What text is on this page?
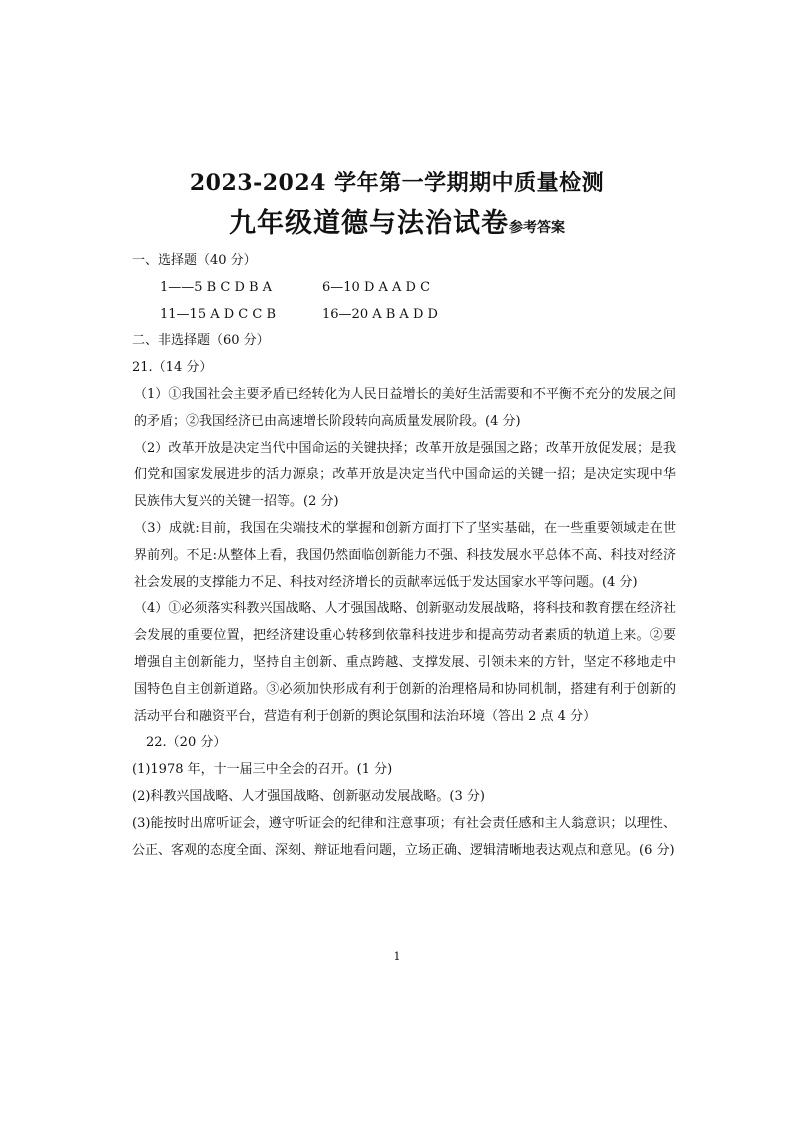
2023-2024 学年第一学期期中质量检测
九年级道德与法治试卷参考答案
一、选择题（40 分）
1——5 B C D B A	6—10 D A A D C
11—15 A D C C B	16—20 A B A D D
二、非选择题（60 分）
21.（14 分）
（1）①我国社会主要矛盾已经转化为人民日益增长的美好生活需要和不平衡不充分的发展之间的矛盾；②我国经济已由高速增长阶段转向高质量发展阶段。(4 分)
（2）改革开放是决定当代中国命运的关键抉择；改革开放是强国之路；改革开放促发展；是我们党和国家发展进步的活力源泉；改革开放是决定当代中国命运的关键一招；是决定实现中华民族伟大复兴的关键一招等。(2 分)
（3）成就:目前，我国在尖端技术的掌握和创新方面打下了坚实基础，在一些重要领域走在世界前列。不足:从整体上看，我国仍然面临创新能力不强、科技发展水平总体不高、科技对经济社会发展的支撑能力不足、科技对经济增长的贡献率远低于发达国家水平等问题。(4 分)
（4）①必须落实科教兴国战略、人才强国战略、创新驱动发展战略，将科技和教育摆在经济社会发展的重要位置，把经济建设重心转移到依靠科技进步和提高劳动者素质的轨道上来。②要增强自主创新能力，坚持自主创新、重点跨越、支撑发展、引领未来的方针，坚定不移地走中国特色自主创新道路。③必须加快形成有利于创新的治理格局和协同机制，搭建有利于创新的活动平台和融资平台，营造有利于创新的舆论氛围和法治环境（答出 2 点 4 分）
22.（20 分）
(1)1978 年，十一届三中全会的召开。(1 分)
(2)科教兴国战略、人才强国战略、创新驱动发展战略。(3 分)
(3)能按时出席听证会，遵守听证会的纪律和注意事项；有社会责任感和主人翁意识；以理性、公正、客观的态度全面、深刻、辩证地看问题，立场正确、逻辑清晰地表达观点和意见。(6 分)
1
